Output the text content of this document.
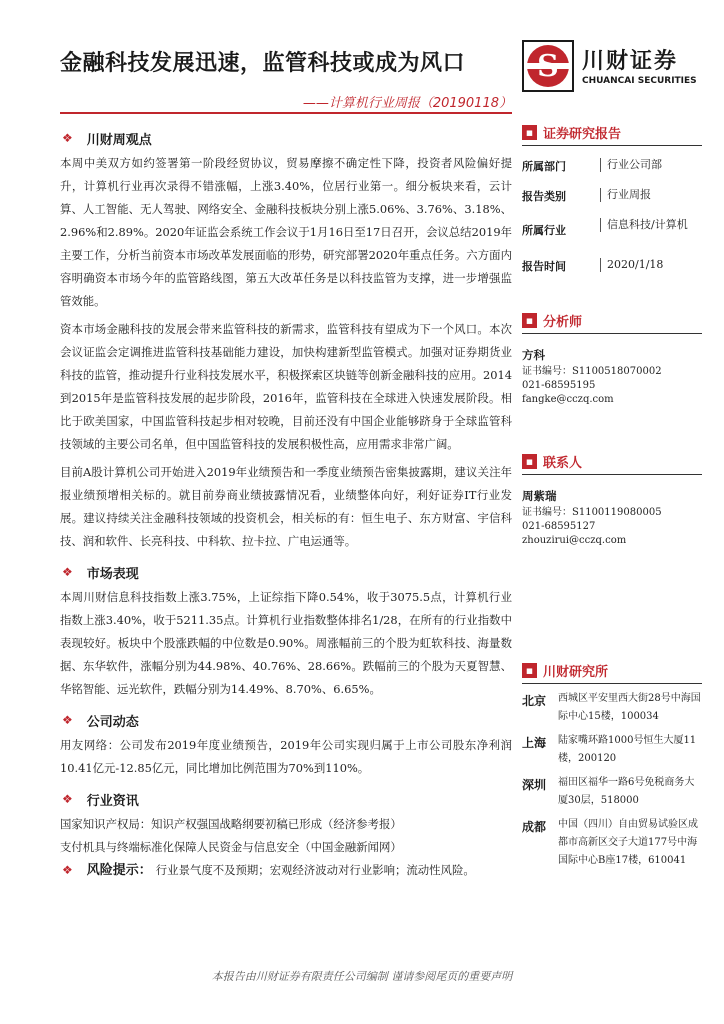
金融科技发展迅速，监管科技或成为风口
——计算机行业周报（20190118）
S 川财证券
CHUANCAI SECURITIES
❖ 川财周观点

本周中美双方如约签署第一阶段经贸协议，贸易摩擦不确定性下降，投资者风险偏好提升，计算机行业再次录得不错涨幅，上涨3.40%，位居行业第一。细分板块来看，云计算、人工智能、无人驾驶、网络安全、金融科技板块分别上涨5.06%、3.76%、3.18%、2.96%和2.89%。2020年证监会系统工作会议于1月16日至17日召开，会议总结2019年主要工作，分析当前资本市场改革发展面临的形势，研究部署2020年重点任务。六方面内容明确资本市场今年的监管路线图，第五大改革任务是以科技监管为支撑，进一步增强监管效能。

资本市场金融科技的发展会带来监管科技的新需求，监管科技有望成为下一个风口。本次会议证监会定调推进监管科技基础能力建设，加快构建新型监管模式。加强对证券期货业科技的监管，推动提升行业科技发展水平，积极探索区块链等创新金融科技的应用。2014到2015年是监管科技发展的起步阶段，2016年，监管科技在全球进入快速发展阶段。相比于欧美国家，中国监管科技起步相对较晚，目前还没有中国企业能够跻身于全球监管科技领域的主要公司名单，但中国监管科技的发展积极性高，应用需求非常广阔。

目前A股计算机公司开始进入2019年业绩预告和一季度业绩预告密集披露期，建议关注年报业绩预增相关标的。就目前券商业绩披露情况看，业绩整体向好，利好证券IT行业发展。建议持续关注金融科技领域的投资机会，相关标的有：恒生电子、东方财富、宇信科技、润和软件、长亮科技、中科软、拉卡拉、广电运通等。

❖ 市场表现

本周川财信息科技指数上涨3.75%，上证综指下降0.54%，收于3075.5点，计算机行业指数上涨3.40%，收于5211.35点。计算机行业指数整体排名1/28，在所有的行业指数中表现较好。板块中个股涨跌幅的中位数是0.90%。周涨幅前三的个股为虹软科技、海量数据、东华软件，涨幅分别为44.98%、40.76%、28.66%。跌幅前三的个股为天夏智慧、华铭智能、远光软件，跌幅分别为14.49%、8.70%、6.65%。

❖ 公司动态

用友网络：公司发布2019年度业绩预告，2019年公司实现归属于上市公司股东净利润10.41亿元-12.85亿元，同比增加比例范围为70%到110%。

❖ 行业资讯
国家知识产权局：知识产权强国战略纲要初稿已形成（经济参考报）
支付机具与终端标准化保障人民资金与信息安全（中国金融新闻网）
❖ 风险提示： 行业景气度不及预期；宏观经济波动对行业影响；流动性风险。
▪ 证券研究报告
所属部门	行业公司部
报告类别	行业周报
所属行业	信息科技/计算机
报告时间	2020/1/18
▪ 分析师
方科
证书编号：S1100518070002
021-68595195
fangke@cczq.com
▪ 联系人
周紫瑞
证书编号：S1100119080005
021-68595127
zhouzirui@cczq.com
▪ 川财研究所
北京	西城区平安里西大街28号中海国际中心15楼，100034
上海	陆家嘴环路1000号恒生大厦11楼，200120
深圳	福田区福华一路6号免税商务大厦30层，518000
成都	中国（四川）自由贸易试验区成都市高新区交子大道177号中海国际中心B座17楼，610041
本报告由川财证券有限责任公司编制 谨请参阅尾页的重要声明
